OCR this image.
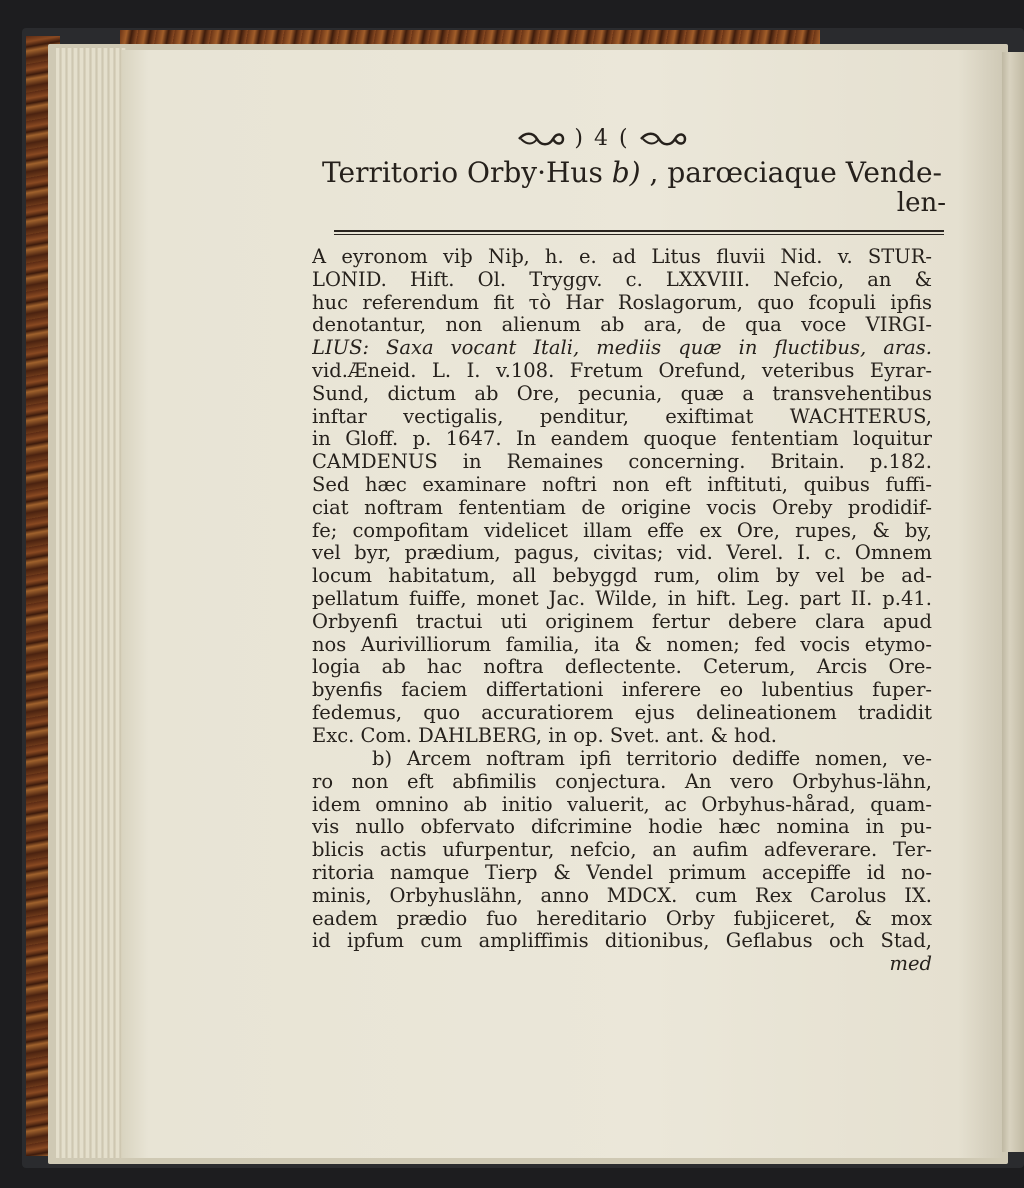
) 4 (
Territorio Orby·Hus b) , parœciaque Vende-
len-
A eyronom viþ Niþ, h. e. ad Litus fluvii Nid. v. STUR-
LONID. Hift. Ol. Tryggv. c. LXXVIII. Nefcio, an &
huc referendum fit τὸ Har Roslagorum, quo fcopuli ipfis
denotantur, non alienum ab ara, de qua voce VIRGI-
LIUS: Saxa vocant Itali, mediis quæ in fluctibus, aras.
vid.Æneid. L. I. v.108. Fretum Orefund, veteribus Eyrar-
Sund, dictum ab Ore, pecunia, quæ a transvehentibus
inftar vectigalis, penditur, exiftimat WACHTERUS,
in Gloff. p. 1647. In eandem quoque fententiam loquitur
CAMDENUS in Remaines concerning. Britain. p.182.
Sed hæc examinare noftri non eft inftituti, quibus fuffi-
ciat noftram fententiam de origine vocis Oreby prodidif-
fe; compofitam videlicet illam effe ex Ore, rupes, & by,
vel byr, prædium, pagus, civitas; vid. Verel. I. c. Omnem
locum habitatum, all bebyggd rum, olim by vel be ad-
pellatum fuiffe, monet Jac. Wilde, in hift. Leg. part II. p.41.
Orbyenfi tractui uti originem fertur debere clara apud
nos Aurivilliorum familia, ita & nomen; fed vocis etymo-
logia ab hac noftra deflectente. Ceterum, Arcis Ore-
byenfis faciem differtationi inferere eo lubentius fuper-
fedemus, quo accuratiorem ejus delineationem tradidit
Exc. Com. DAHLBERG, in op. Svet. ant. & hod.
b) Arcem noftram ipfi territorio dediffe nomen, ve-
ro non eft abfimilis conjectura. An vero Orbyhus-lähn,
idem omnino ab initio valuerit, ac Orbyhus-hårad, quam-
vis nullo obfervato difcrimine hodie hæc nomina in pu-
blicis actis ufurpentur, nefcio, an aufim adfeverare. Ter-
ritoria namque Tierp & Vendel primum accepiffe id no-
minis, Orbyhuslähn, anno MDCX. cum Rex Carolus IX.
eadem prædio fuo hereditario Orby fubjiceret, & mox
id ipfum cum ampliffimis ditionibus, Geflabus och Stad,
med
